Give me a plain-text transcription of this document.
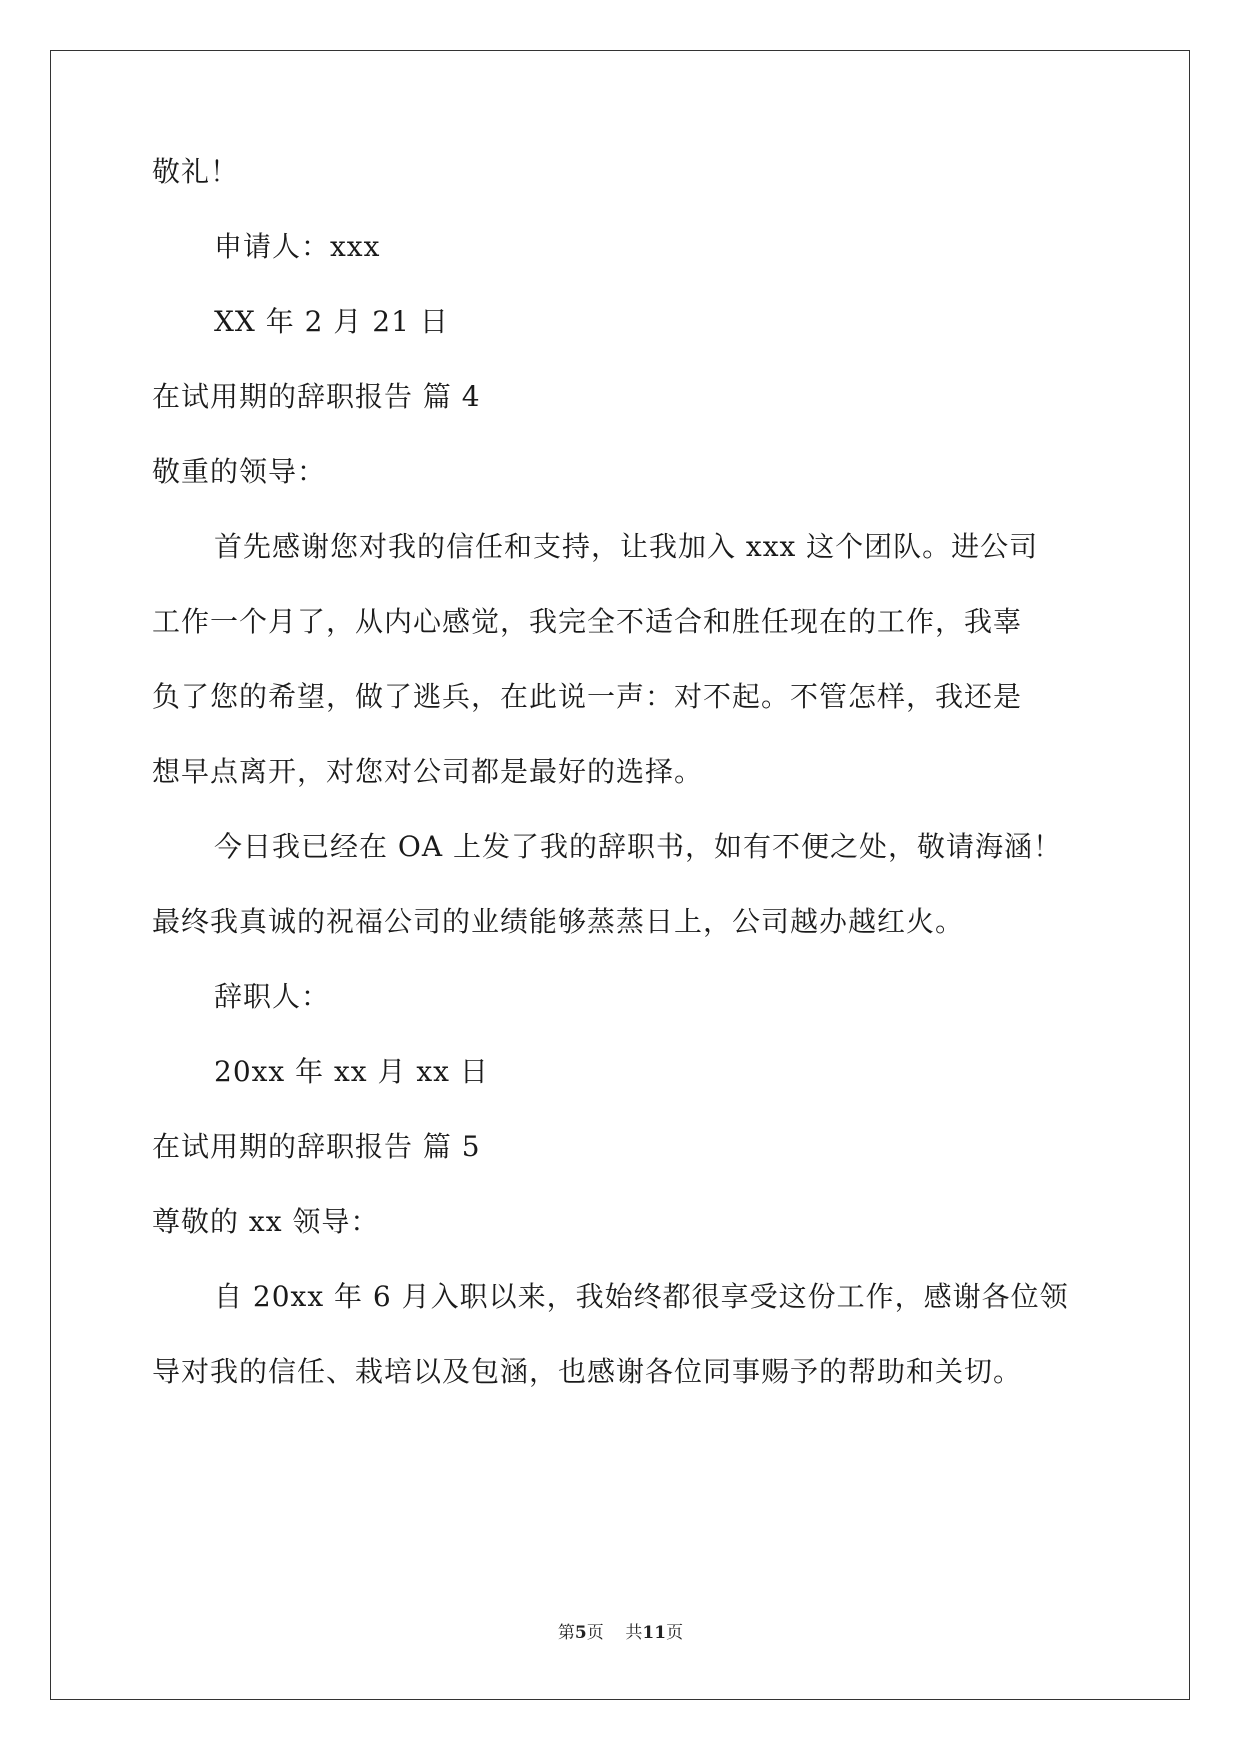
敬礼！
申请人：xxx
XX 年 2 月 21 日
在试用期的辞职报告 篇 4
敬重的领导：
首先感谢您对我的信任和支持，让我加入 xxx 这个团队。进公司
工作一个月了，从内心感觉，我完全不适合和胜任现在的工作，我辜
负了您的希望，做了逃兵，在此说一声：对不起。不管怎样，我还是
想早点离开，对您对公司都是最好的选择。
今日我已经在 OA 上发了我的辞职书，如有不便之处，敬请海涵！
最终我真诚的祝福公司的业绩能够蒸蒸日上，公司越办越红火。
辞职人：
20xx 年 xx 月 xx 日
在试用期的辞职报告 篇 5
尊敬的 xx 领导：
自 20xx 年 6 月入职以来，我始终都很享受这份工作，感谢各位领
导对我的信任、栽培以及包涵，也感谢各位同事赐予的帮助和关切。
第5页 共11页
